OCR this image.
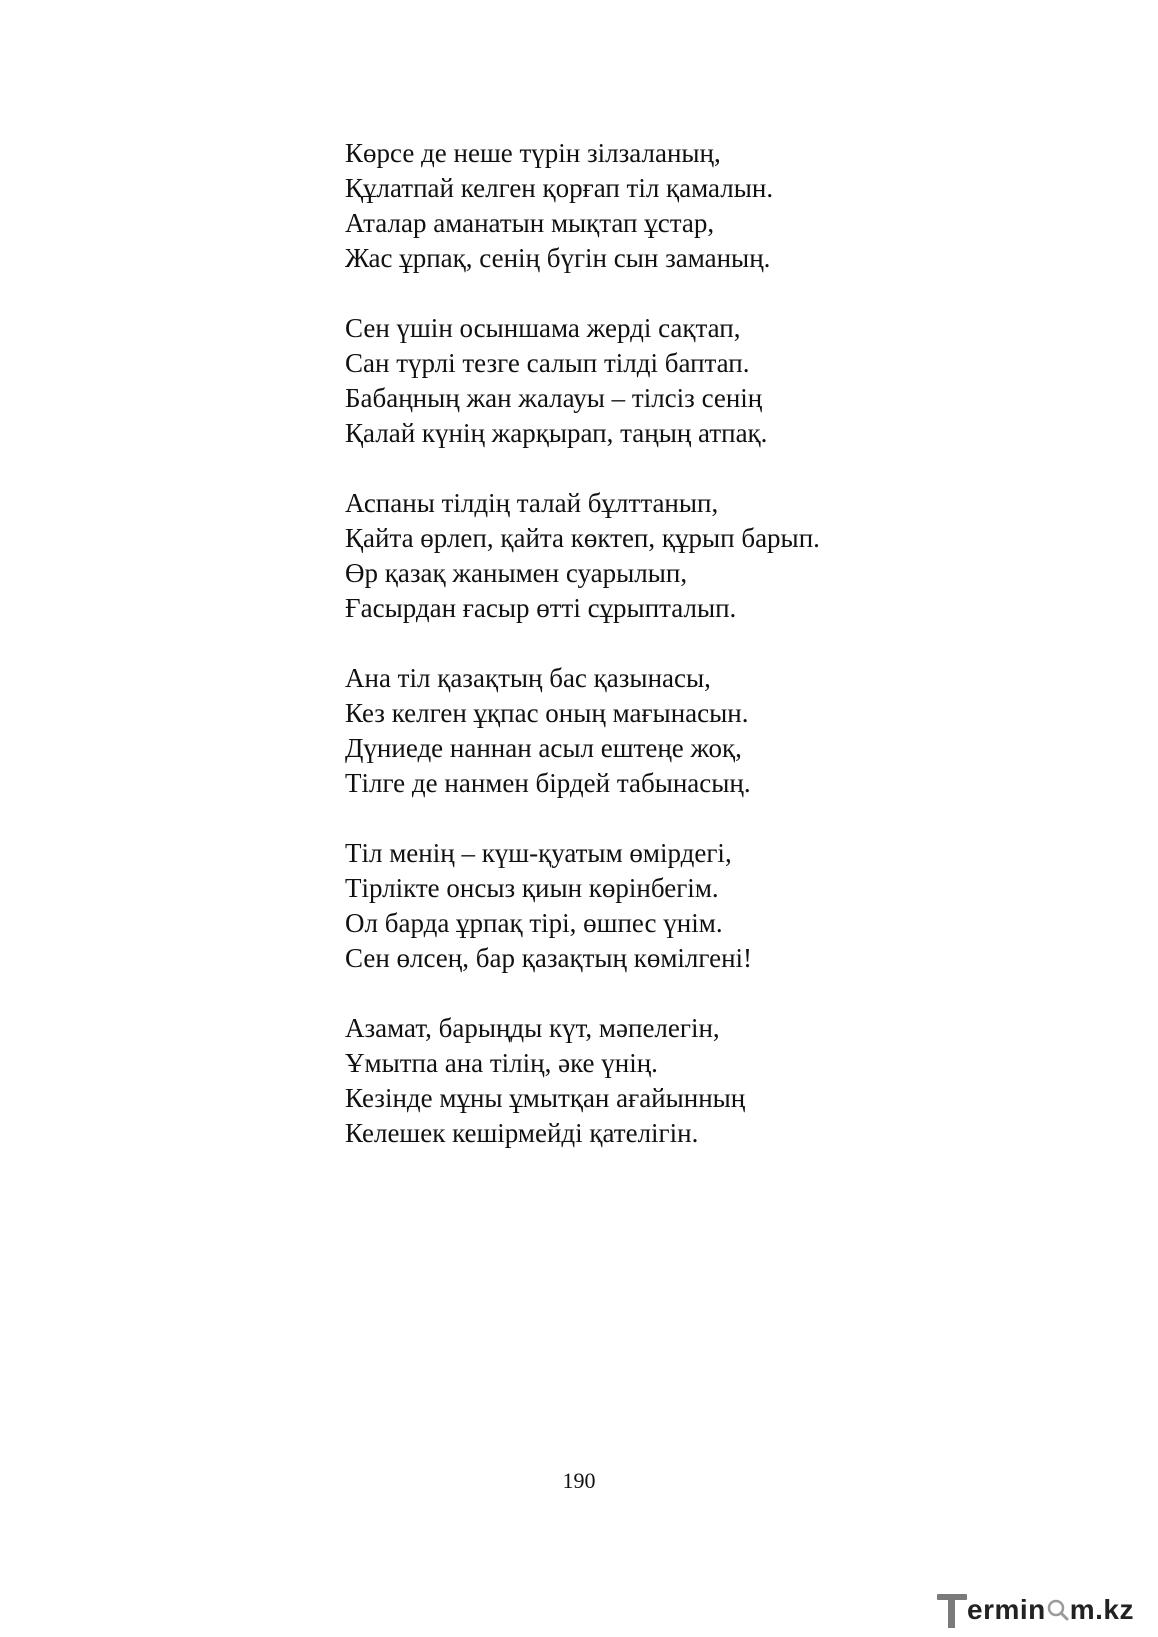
Көрсе де неше түрін зілзаланың,
Құлатпай келген қорғап тіл қамалын.
Аталар аманатын мықтап ұстар,
Жас ұрпақ, сенің бүгін сын заманың.
Сен үшін осыншама жерді сақтап,
Сан түрлі тезге салып тілді баптап.
Бабаңның жан жалауы – тілсіз сенің
Қалай күнің жарқырап, таңың атпақ.
Аспаны тілдің талай бұлттанып,
Қайта өрлеп, қайта көктеп, құрып барып.
Өр қазақ жанымен суарылып,
Ғасырдан ғасыр өтті сұрыпталып.
Ана тіл қазақтың бас қазынасы,
Кез келген ұқпас оның мағынасын.
Дүниеде наннан асыл ештеңе жоқ,
Тілге де нанмен бірдей табынасың.
Тіл менің – күш-қуатым өмірдегі,
Тірлікте онсыз қиын көрінбегім.
Ол барда ұрпақ тірі, өшпес үнім.
Сен өлсең, бар қазақтың көмілгені!
Азамат, барыңды күт, мәпелегін,
Ұмытпа ана тілің, әке үнің.
Кезінде мұны ұмытқан ағайынның
Келешек кешірмейді қателігін.
190
ermin m.kz
